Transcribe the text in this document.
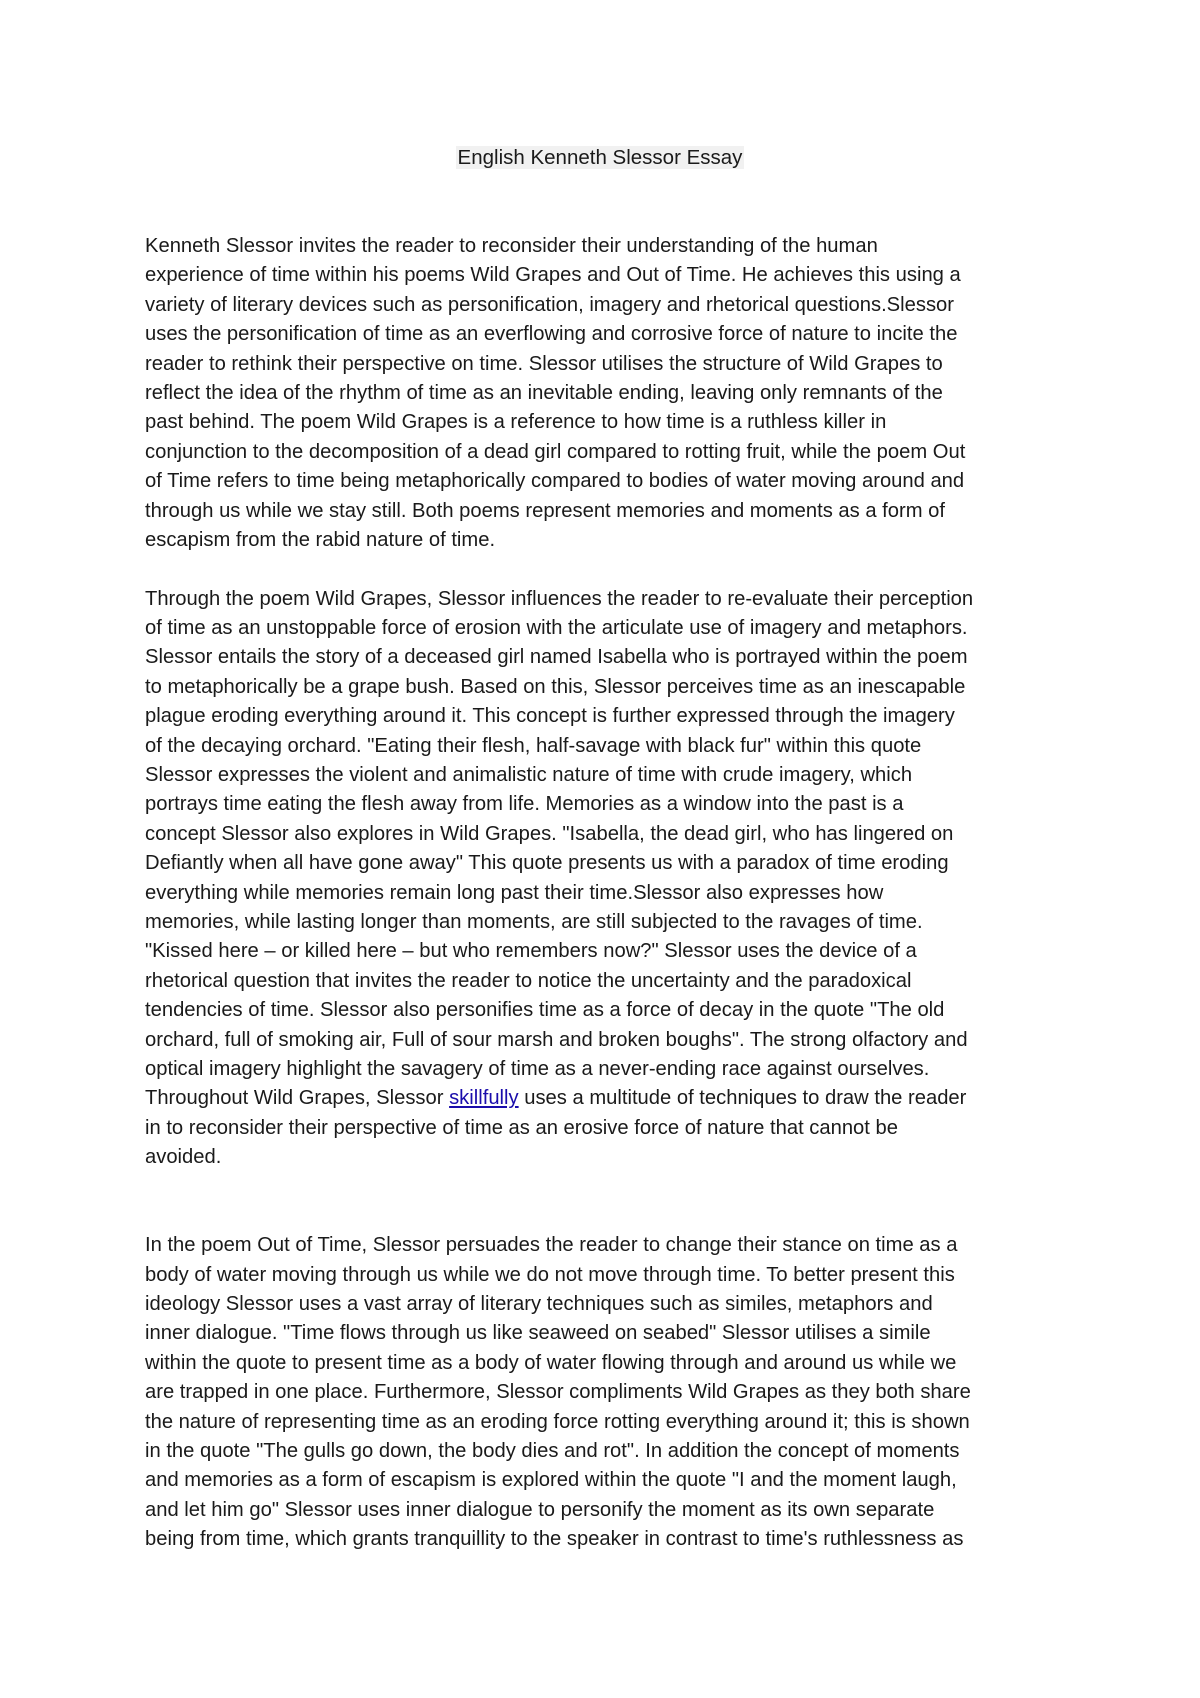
English Kenneth Slessor Essay

Kenneth Slessor invites the reader to reconsider their understanding of the human
experience of time within his poems Wild Grapes and Out of Time. He achieves this using a
variety of literary devices such as personification, imagery and rhetorical questions.Slessor
uses the personification of time as an everflowing and corrosive force of nature to incite the
reader to rethink their perspective on time. Slessor utilises the structure of Wild Grapes to
reflect the idea of the rhythm of time as an inevitable ending, leaving only remnants of the
past behind. The poem Wild Grapes is a reference to how time is a ruthless killer in
conjunction to the decomposition of a dead girl compared to rotting fruit, while the poem Out
of Time refers to time being metaphorically compared to bodies of water moving around and
through us while we stay still. Both poems represent memories and moments as a form of
escapism from the rabid nature of time.

Through the poem Wild Grapes, Slessor influences the reader to re-evaluate their perception
of time as an unstoppable force of erosion with the articulate use of imagery and metaphors.
Slessor entails the story of a deceased girl named Isabella who is portrayed within the poem
to metaphorically be a grape bush. Based on this, Slessor perceives time as an inescapable
plague eroding everything around it. This concept is further expressed through the imagery
of the decaying orchard. "Eating their flesh, half-savage with black fur" within this quote
Slessor expresses the violent and animalistic nature of time with crude imagery, which
portrays time eating the flesh away from life. Memories as a window into the past is a
concept Slessor also explores in Wild Grapes. "Isabella, the dead girl, who has lingered on
Defiantly when all have gone away" This quote presents us with a paradox of time eroding
everything while memories remain long past their time.Slessor also expresses how
memories, while lasting longer than moments, are still subjected to the ravages of time.
"Kissed here – or killed here – but who remembers now?" Slessor uses the device of a
rhetorical question that invites the reader to notice the uncertainty and the paradoxical
tendencies of time. Slessor also personifies time as a force of decay in the quote "The old
orchard, full of smoking air, Full of sour marsh and broken boughs". The strong olfactory and
optical imagery highlight the savagery of time as a never-ending race against ourselves.
Throughout Wild Grapes, Slessor skillfully uses a multitude of techniques to draw the reader
in to reconsider their perspective of time as an erosive force of nature that cannot be
avoided.

In the poem Out of Time, Slessor persuades the reader to change their stance on time as a
body of water moving through us while we do not move through time. To better present this
ideology Slessor uses a vast array of literary techniques such as similes, metaphors and
inner dialogue. "Time flows through us like seaweed on seabed" Slessor utilises a simile
within the quote to present time as a body of water flowing through and around us while we
are trapped in one place. Furthermore, Slessor compliments Wild Grapes as they both share
the nature of representing time as an eroding force rotting everything around it; this is shown
in the quote "The gulls go down, the body dies and rot". In addition the concept of moments
and memories as a form of escapism is explored within the quote "I and the moment laugh,
and let him go" Slessor uses inner dialogue to personify the moment as its own separate
being from time, which grants tranquillity to the speaker in contrast to time's ruthlessness as
